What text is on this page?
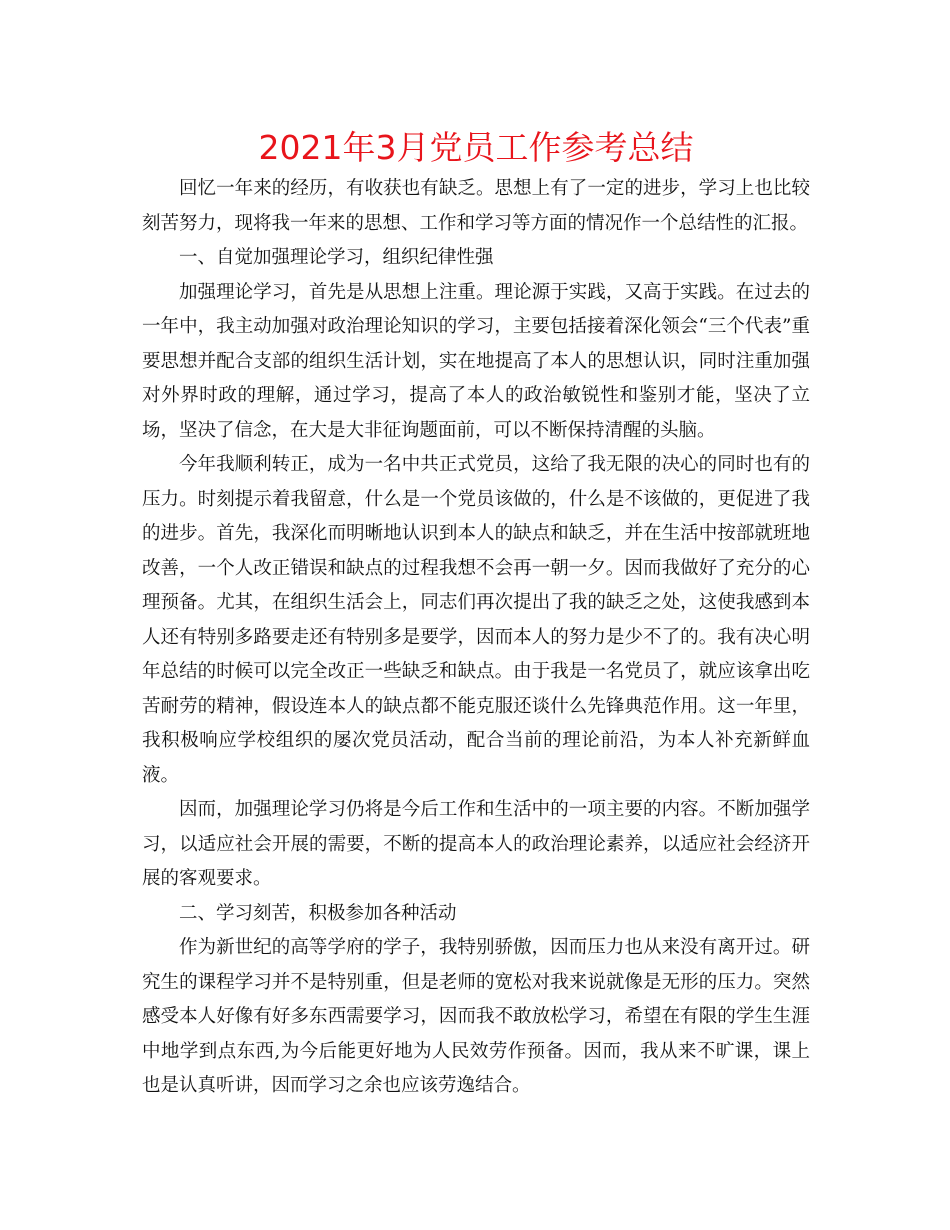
2021年3月党员工作参考总结

回忆一年来的经历，有收获也有缺乏。思想上有了一定的进步，学习上也比较刻苦努力，现将我一年来的思想、工作和学习等方面的情况作一个总结性的汇报。

一、自觉加强理论学习，组织纪律性强

加强理论学习，首先是从思想上注重。理论源于实践，又高于实践。在过去的一年中，我主动加强对政治理论知识的学习，主要包括接着深化领会“三个代表”重要思想并配合支部的组织生活计划，实在地提高了本人的思想认识，同时注重加强对外界时政的理解，通过学习，提高了本人的政治敏锐性和鉴别才能，坚决了立场，坚决了信念，在大是大非征询题面前，可以不断保持清醒的头脑。

今年我顺利转正，成为一名中共正式党员，这给了我无限的决心的同时也有的压力。时刻提示着我留意，什么是一个党员该做的，什么是不该做的，更促进了我的进步。首先，我深化而明晰地认识到本人的缺点和缺乏，并在生活中按部就班地改善，一个人改正错误和缺点的过程我想不会再一朝一夕。因而我做好了充分的心理预备。尤其，在组织生活会上，同志们再次提出了我的缺乏之处，这使我感到本人还有特别多路要走还有特别多是要学，因而本人的努力是少不了的。我有决心明年总结的时候可以完全改正一些缺乏和缺点。由于我是一名党员了，就应该拿出吃苦耐劳的精神，假设连本人的缺点都不能克服还谈什么先锋典范作用。这一年里，我积极响应学校组织的屡次党员活动，配合当前的理论前沿，为本人补充新鲜血液。

因而，加强理论学习仍将是今后工作和生活中的一项主要的内容。不断加强学习，以适应社会开展的需要，不断的提高本人的政治理论素养，以适应社会经济开展的客观要求。

二、学习刻苦，积极参加各种活动

作为新世纪的高等学府的学子，我特别骄傲，因而压力也从来没有离开过。研究生的课程学习并不是特别重，但是老师的宽松对我来说就像是无形的压力。突然感受本人好像有好多东西需要学习，因而我不敢放松学习，希望在有限的学生生涯中地学到点东西,为今后能更好地为人民效劳作预备。因而，我从来不旷课，课上也是认真听讲，因而学习之余也应该劳逸结合。
